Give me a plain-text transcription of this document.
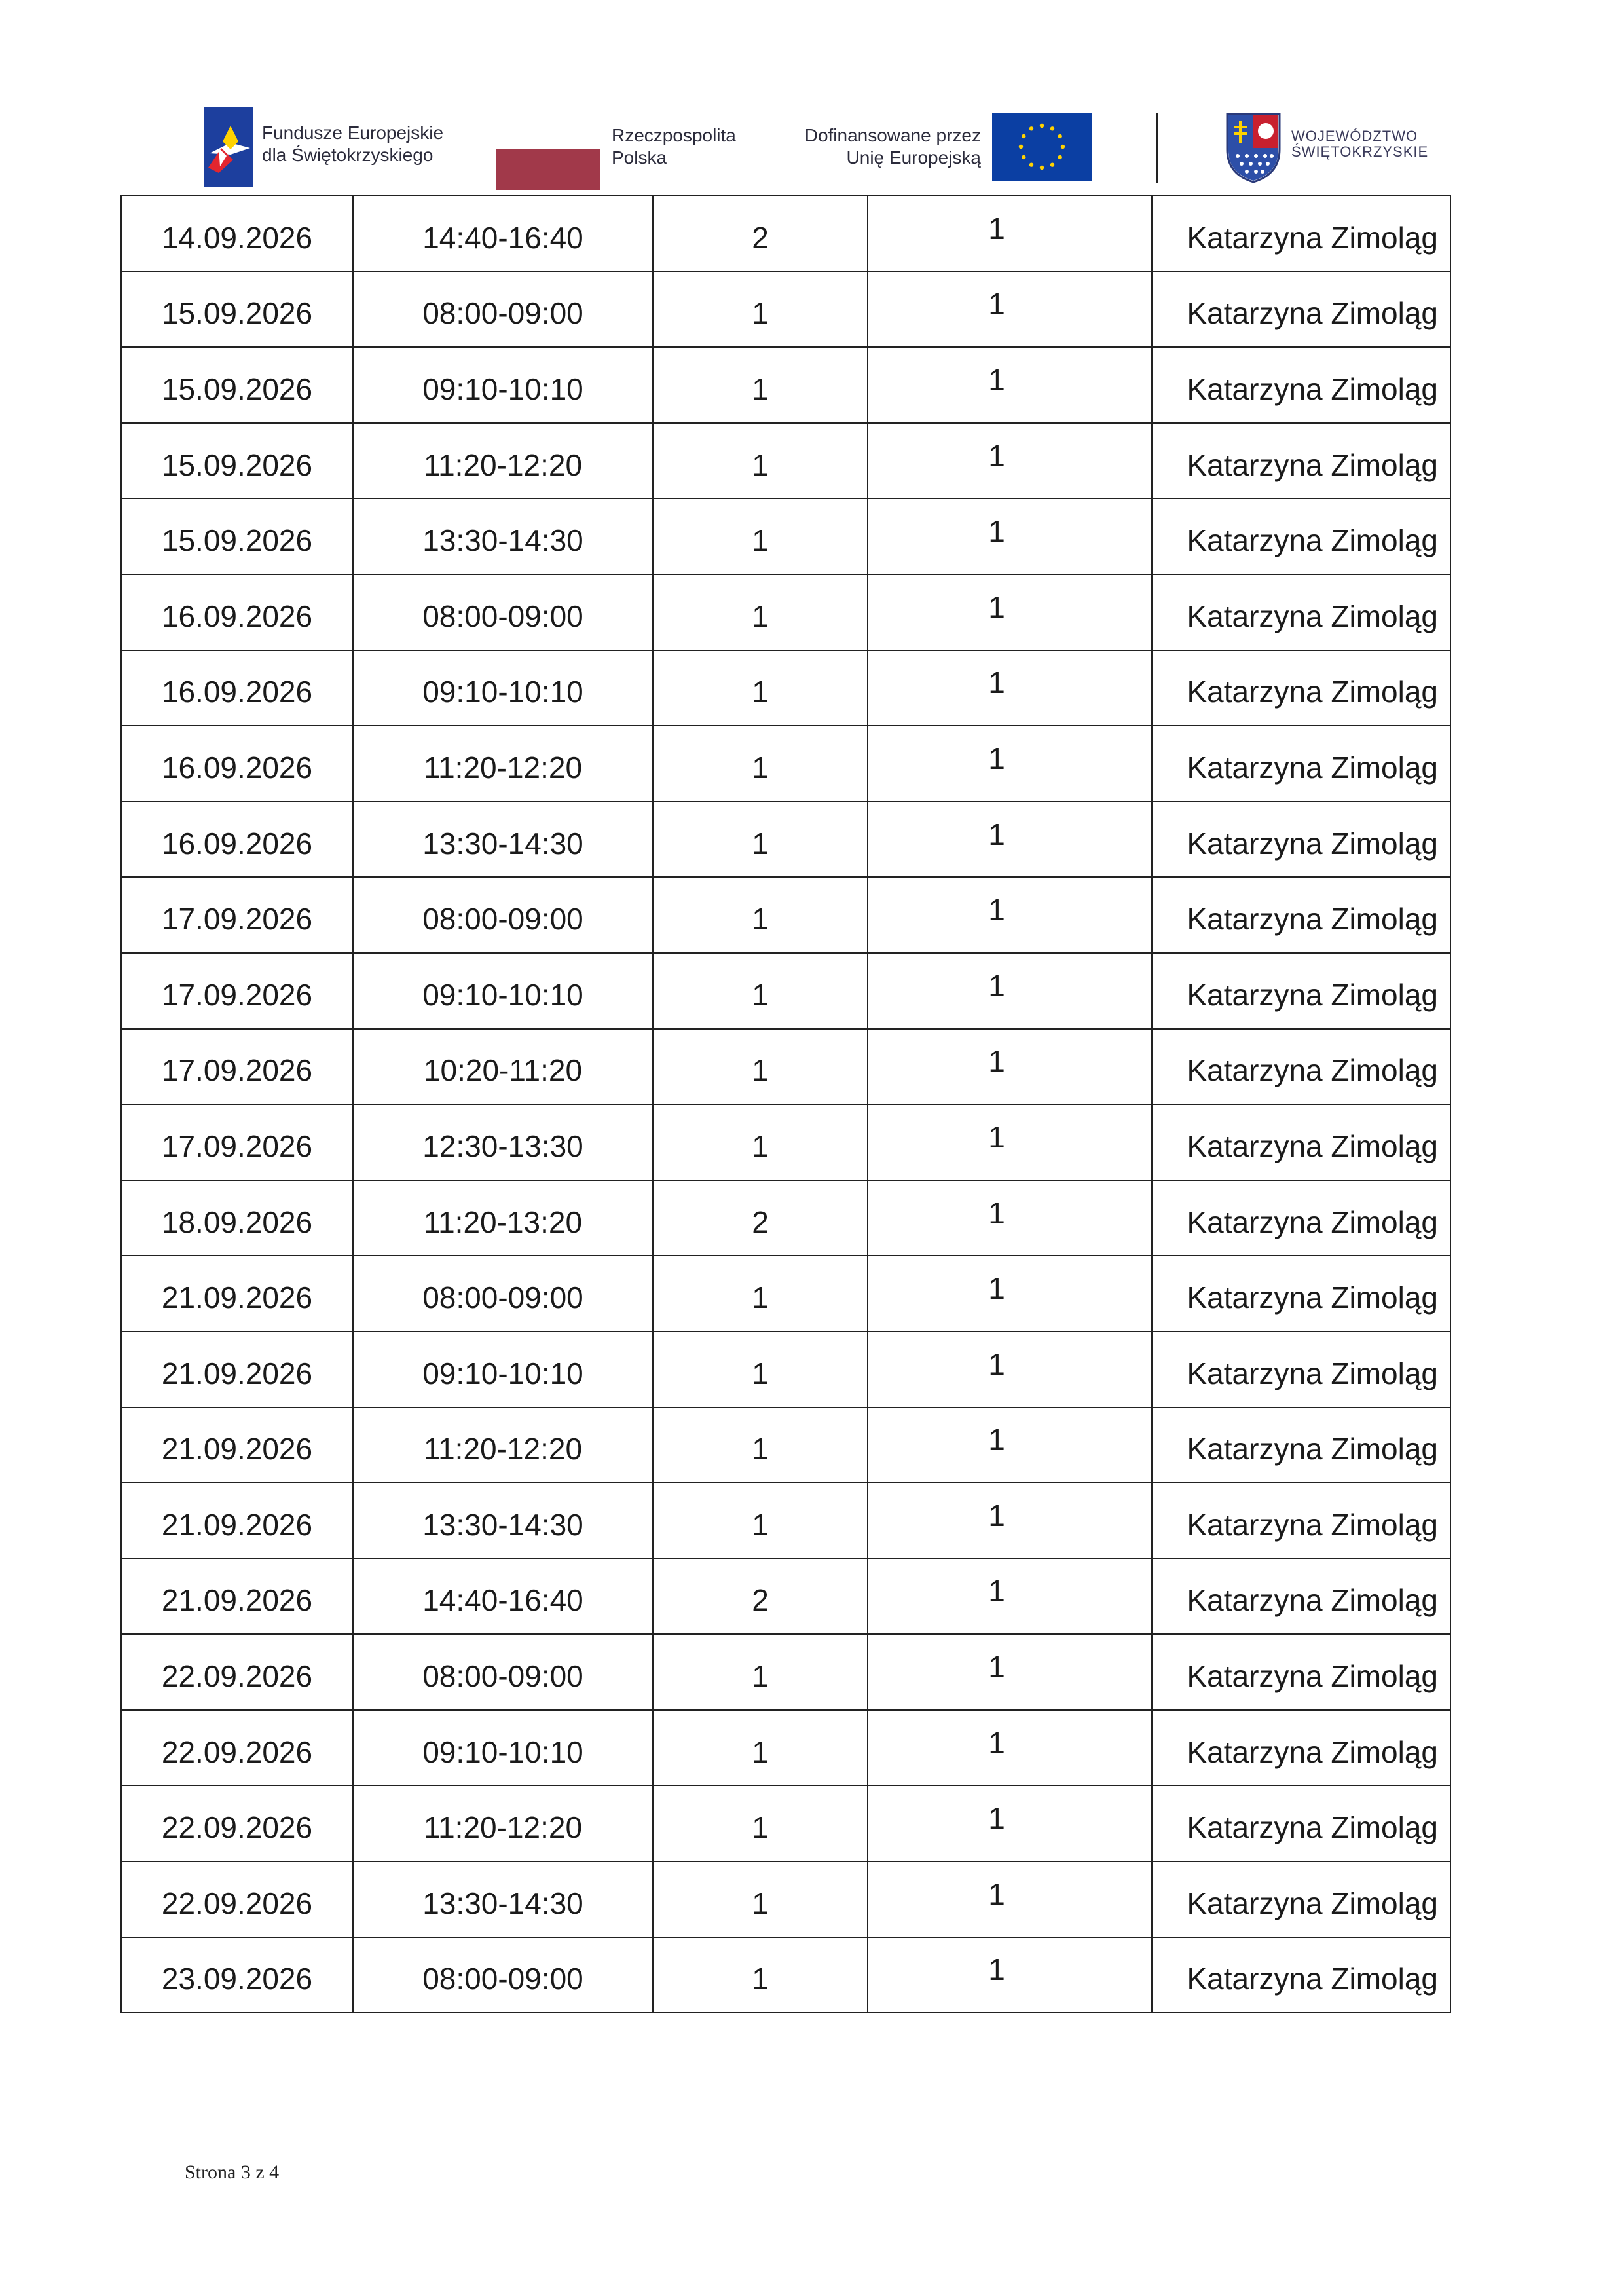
Fundusze Europejskie
dla Świętokrzyskiego
Rzeczpospolita
Polska
Dofinansowane przez
Unię Europejską
WOJEWÓDZTWO
ŚWIĘTOKRZYSKIE
14.09.2026	14:40-16:40	2	1	Katarzyna Zimoląg
15.09.2026	08:00-09:00	1	1	Katarzyna Zimoląg
15.09.2026	09:10-10:10	1	1	Katarzyna Zimoląg
15.09.2026	11:20-12:20	1	1	Katarzyna Zimoląg
15.09.2026	13:30-14:30	1	1	Katarzyna Zimoląg
16.09.2026	08:00-09:00	1	1	Katarzyna Zimoląg
16.09.2026	09:10-10:10	1	1	Katarzyna Zimoląg
16.09.2026	11:20-12:20	1	1	Katarzyna Zimoląg
16.09.2026	13:30-14:30	1	1	Katarzyna Zimoląg
17.09.2026	08:00-09:00	1	1	Katarzyna Zimoląg
17.09.2026	09:10-10:10	1	1	Katarzyna Zimoląg
17.09.2026	10:20-11:20	1	1	Katarzyna Zimoląg
17.09.2026	12:30-13:30	1	1	Katarzyna Zimoląg
18.09.2026	11:20-13:20	2	1	Katarzyna Zimoląg
21.09.2026	08:00-09:00	1	1	Katarzyna Zimoląg
21.09.2026	09:10-10:10	1	1	Katarzyna Zimoląg
21.09.2026	11:20-12:20	1	1	Katarzyna Zimoląg
21.09.2026	13:30-14:30	1	1	Katarzyna Zimoląg
21.09.2026	14:40-16:40	2	1	Katarzyna Zimoląg
22.09.2026	08:00-09:00	1	1	Katarzyna Zimoląg
22.09.2026	09:10-10:10	1	1	Katarzyna Zimoląg
22.09.2026	11:20-12:20	1	1	Katarzyna Zimoląg
22.09.2026	13:30-14:30	1	1	Katarzyna Zimoląg
23.09.2026	08:00-09:00	1	1	Katarzyna Zimoląg
Strona 3 z 4
